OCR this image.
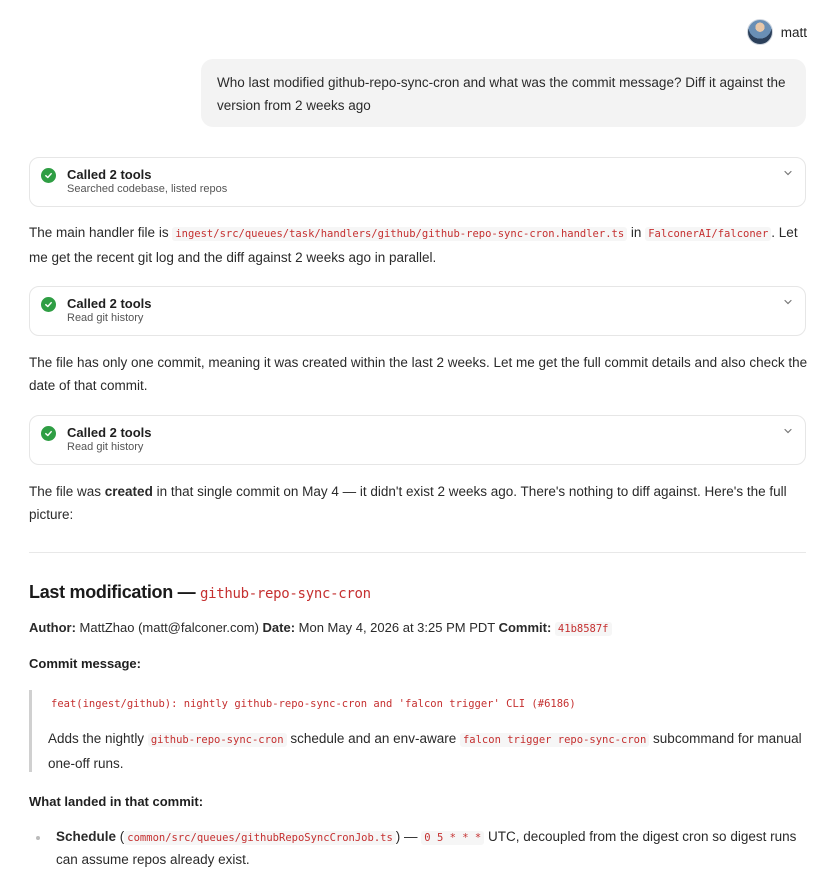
matt
Who last modified github-repo-sync-cron and what was the commit message? Diff it against the version from 2 weeks ago
Called 2 tools
Searched codebase, listed repos
The main handler file is ingest/src/queues/task/handlers/github/github-repo-sync-cron.handler.ts in FalconerAI/falconer . Let me get the recent git log and the diff against 2 weeks ago in parallel.
Called 2 tools
Read git history
The file has only one commit, meaning it was created within the last 2 weeks. Let me get the full commit details and also check the date of that commit.
Called 2 tools
Read git history
The file was created in that single commit on May 4 — it didn't exist 2 weeks ago. There's nothing to diff against. Here's the full picture:
Last modification — github-repo-sync-cron
Author: MattZhao (matt@falconer.com) Date: Mon May 4, 2026 at 3:25 PM PDT Commit: 41b8587f
Commit message:
feat(ingest/github): nightly github-repo-sync-cron and 'falcon trigger' CLI (#6186)
Adds the nightly github-repo-sync-cron schedule and an env-aware falcon trigger repo-sync-cron subcommand for manual one-off runs.
What landed in that commit:
Schedule ( common/src/queues/githubRepoSyncCronJob.ts ) — 0 5 * * * UTC, decoupled from the digest cron so digest runs can assume repos already exist.
